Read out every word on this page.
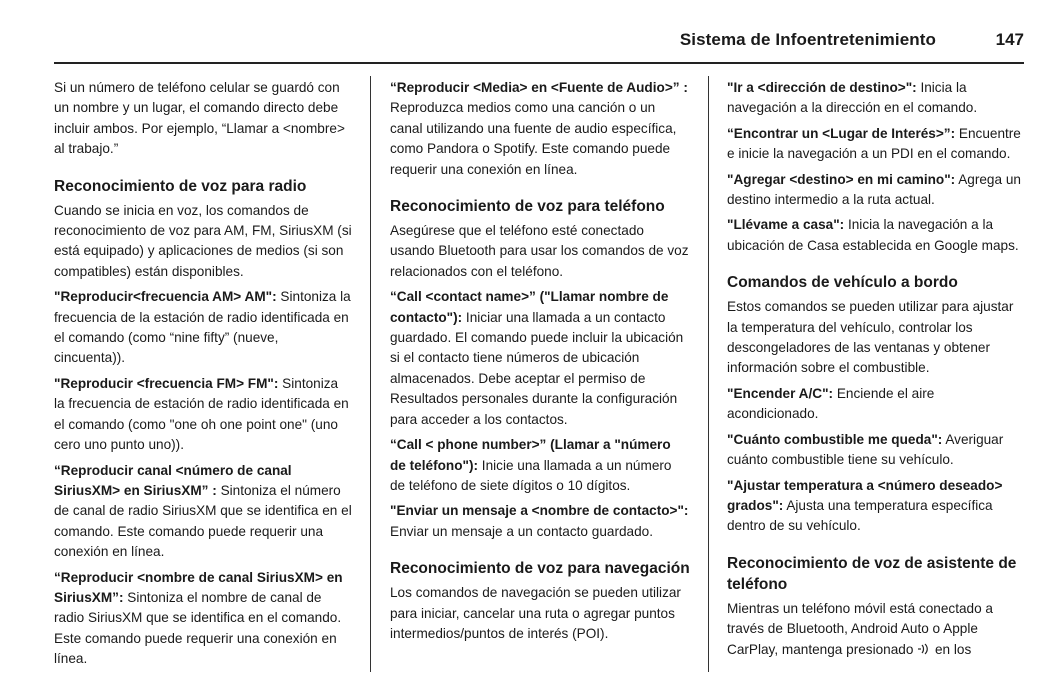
Sistema de Infoentretenimiento	147

Si un número de teléfono celular se guardó con un nombre y un lugar, el comando directo debe incluir ambos. Por ejemplo, “Llamar a <nombre> al trabajo.”

Reconocimiento de voz para radio

Cuando se inicia en voz, los comandos de reconocimiento de voz para AM, FM, SiriusXM (si está equipado) y aplicaciones de medios (si son compatibles) están disponibles.

"Reproducir<frecuencia AM> AM": Sintoniza la frecuencia de la estación de radio identificada en el comando (como “nine fifty” (nueve, cincuenta)).

"Reproducir <frecuencia FM> FM": Sintoniza la frecuencia de estación de radio identificada en el comando (como "one oh one point one" (uno cero uno punto uno)).

“Reproducir canal <número de canal SiriusXM> en SiriusXM” : Sintoniza el número de canal de radio SiriusXM que se identifica en el comando. Este comando puede requerir una conexión en línea.

“Reproducir <nombre de canal SiriusXM> en SiriusXM”: Sintoniza el nombre de canal de radio SiriusXM que se identifica en el comando. Este comando puede requerir una conexión en línea.

“Reproducir <Media> en <Fuente de Audio>” : Reproduzca medios como una canción o un canal utilizando una fuente de audio específica, como Pandora o Spotify. Este comando puede requerir una conexión en línea.

Reconocimiento de voz para teléfono

Asegúrese que el teléfono esté conectado usando Bluetooth para usar los comandos de voz relacionados con el teléfono.

“Call <contact name>” ("Llamar nombre de contacto"): Iniciar una llamada a un contacto guardado. El comando puede incluir la ubicación si el contacto tiene números de ubicación almacenados. Debe aceptar el permiso de Resultados personales durante la configuración para acceder a los contactos.

“Call < phone number>” (Llamar a "número de teléfono"): Inicie una llamada a un número de teléfono de siete dígitos o 10 dígitos.

"Enviar un mensaje a <nombre de contacto>": Enviar un mensaje a un contacto guardado.

Reconocimiento de voz para navegación

Los comandos de navegación se pueden utilizar para iniciar, cancelar una ruta o agregar puntos intermedios/puntos de interés (POI).

"Ir a <dirección de destino>": Inicia la navegación a la dirección en el comando.

“Encontrar un <Lugar de Interés>”: Encuentre e inicie la navegación a un PDI en el comando.

"Agregar <destino> en mi camino": Agrega un destino intermedio a la ruta actual.

"Llévame a casa": Inicia la navegación a la ubicación de Casa establecida en Google maps.

Comandos de vehículo a bordo

Estos comandos se pueden utilizar para ajustar la temperatura del vehículo, controlar los descongeladores de las ventanas y obtener información sobre el combustible.

"Encender A/C": Enciende el aire acondicionado.

"Cuánto combustible me queda": Averiguar cuánto combustible tiene su vehículo.

"Ajustar temperatura a <número deseado> grados": Ajusta una temperatura específica dentro de su vehículo.

Reconocimiento de voz de asistente de teléfono

Mientras un teléfono móvil está conectado a través de Bluetooth, Android Auto o Apple CarPlay, mantenga presionado  en los
